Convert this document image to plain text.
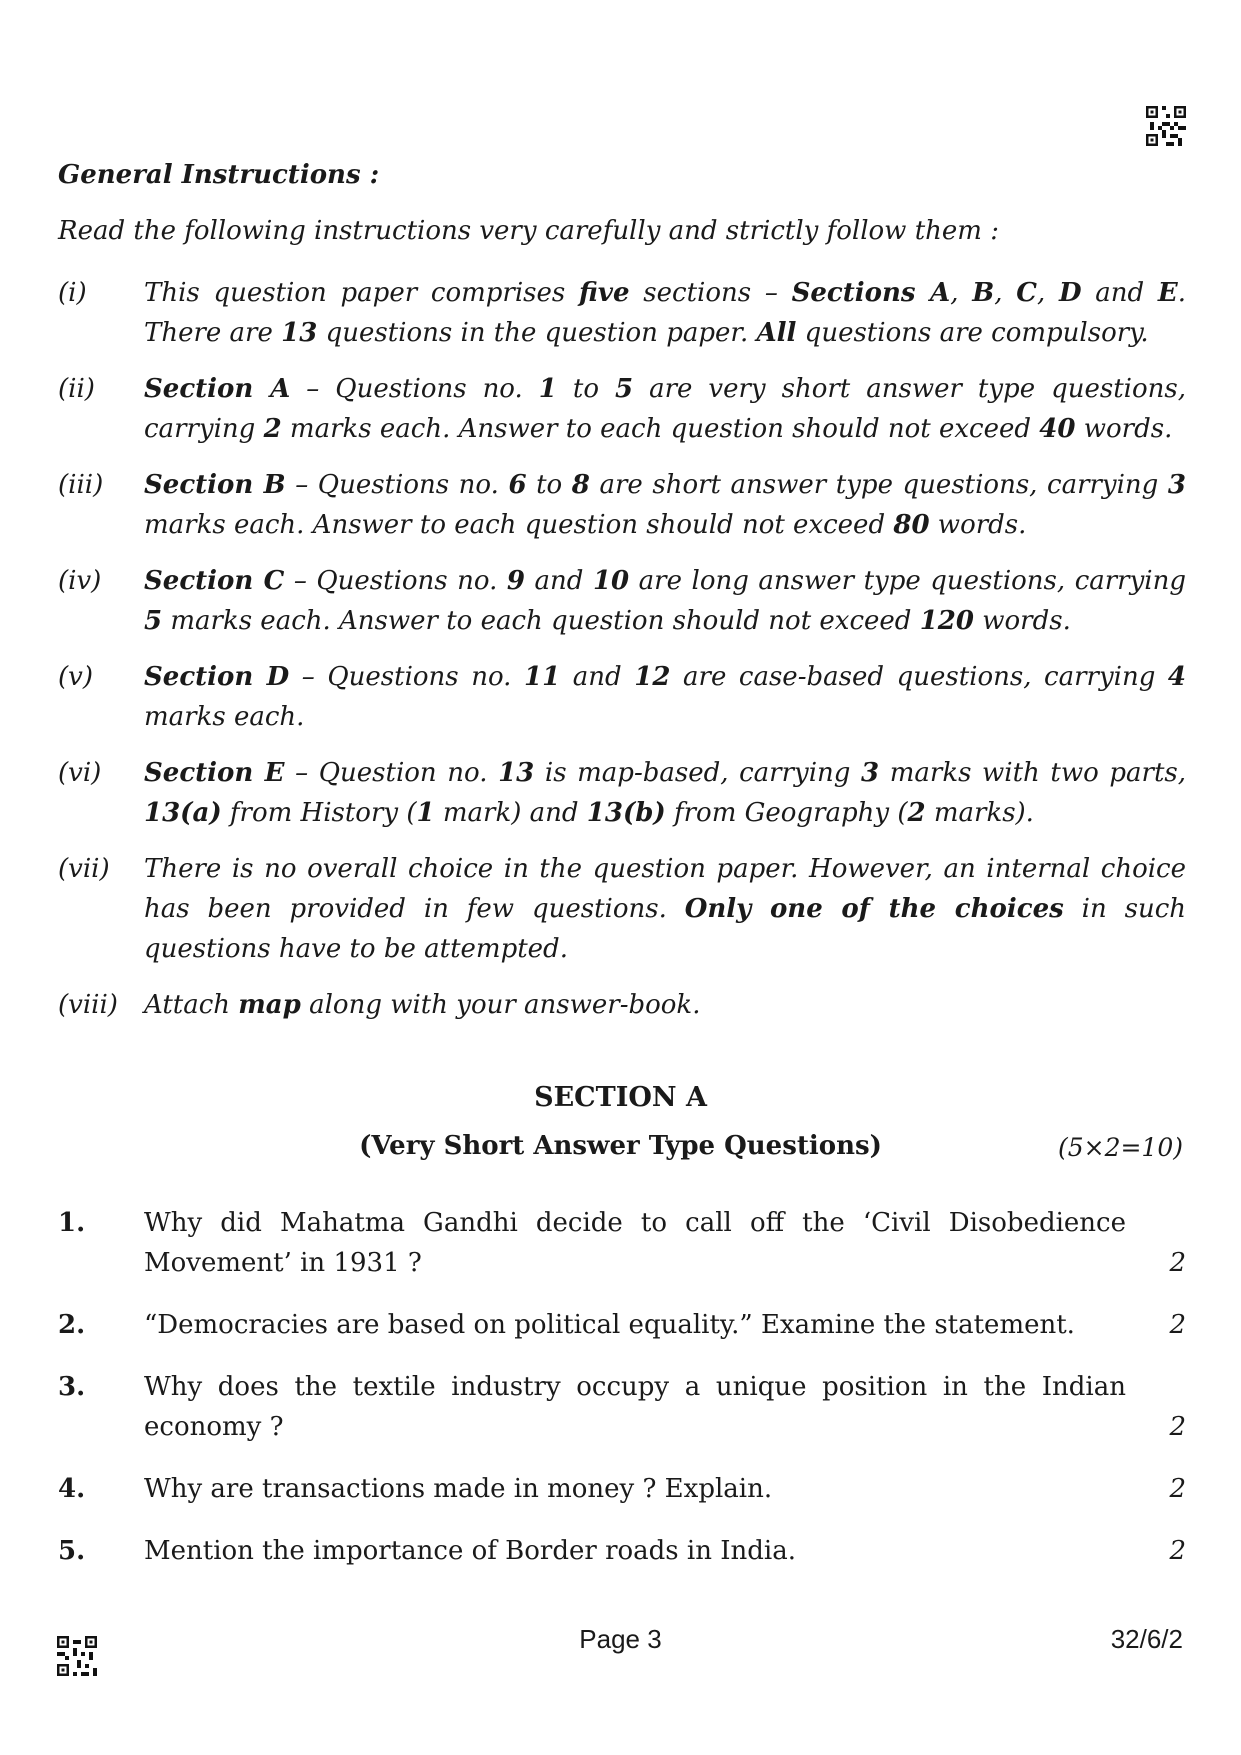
General Instructions :
Read the following instructions very carefully and strictly follow them :
(i) This question paper comprises five sections – Sections A, B, C, D and E. There are 13 questions in the question paper. All questions are compulsory.
(ii) Section A – Questions no. 1 to 5 are very short answer type questions, carrying 2 marks each. Answer to each question should not exceed 40 words.
(iii) Section B – Questions no. 6 to 8 are short answer type questions, carrying 3 marks each. Answer to each question should not exceed 80 words.
(iv) Section C – Questions no. 9 and 10 are long answer type questions, carrying 5 marks each. Answer to each question should not exceed 120 words.
(v) Section D – Questions no. 11 and 12 are case-based questions, carrying 4 marks each.
(vi) Section E – Question no. 13 is map-based, carrying 3 marks with two parts, 13(a) from History (1 mark) and 13(b) from Geography (2 marks).
(vii) There is no overall choice in the question paper. However, an internal choice has been provided in few questions. Only one of the choices in such questions have to be attempted.
(viii) Attach map along with your answer-book.
SECTION A
(Very Short Answer Type Questions)	(5×2=10)
1. Why did Mahatma Gandhi decide to call off the ‘Civil Disobedience Movement’ in 1931 ?	2
2. “Democracies are based on political equality.” Examine the statement.	2
3. Why does the textile industry occupy a unique position in the Indian economy ?	2
4. Why are transactions made in money ? Explain.	2
5. Mention the importance of Border roads in India.	2
Page 3	32/6/2
